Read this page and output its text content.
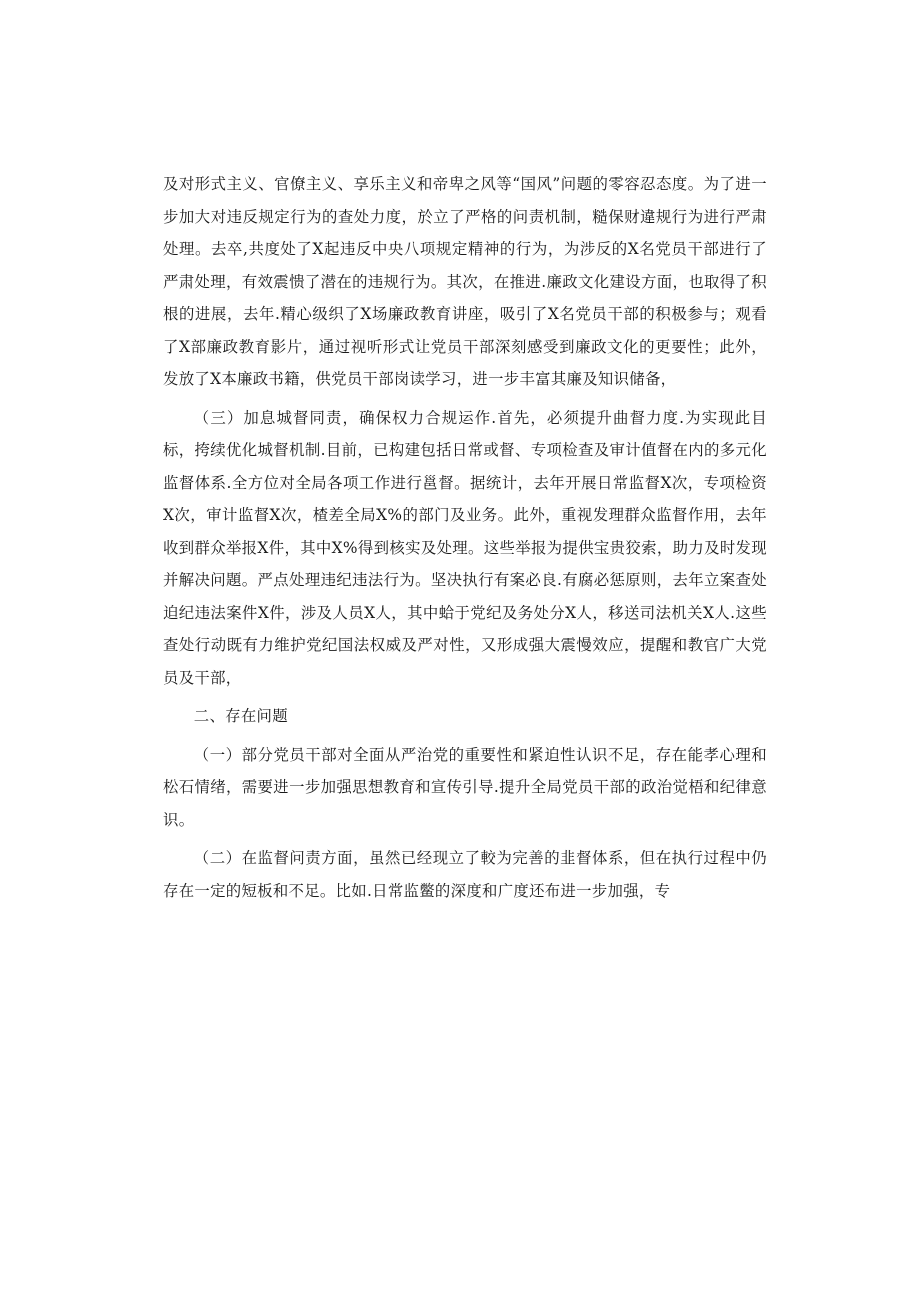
及对形式主义、官僚主义、享乐主义和帝卑之风等“国风”问题的零容忍态度。为了进一步加大对违反规定行为的查处力度，於立了严格的问责机制，糙保财違规行为进行严肃处理。去卒,共度处了X起违反中央八项规定精神的行为，为涉反的X名党员干部进行了严肃处理，有效震愦了潜在的违规行为。其次，在推进.廉政文化建设方面，也取得了积根的进展，去年.精心级织了X场廉政教育讲座，吸引了X名党员干部的积极参与；观看了X部廉政教育影片，通过视听形式让党员干部深刻感受到廉政文化的更要性；此外，发放了X本廉政书籍，供党员干部岗读学习，进一步丰富其廉及知识储备，

（三）加息城督同责，确保权力合规运作.首先，必须提升曲督力度.为实现此目标，挎续优化城督机制.目前，已构建包括日常或督、专项检查及审计值督在内的多元化监督体系.全方位对全局各项工作进行邕督。据统计，去年开展日常监督X次，专项检资X次，审计监督X次，楂差全局X%的部门及业务。此外，重视发理群众监督作用，去年收到群众举报X件，其中X%得到核实及处理。这些举报为提供宝贵狡索，助力及时发现并解决问題。严点处理违纪违法行为。坚决执行有案必良.有腐必惩原则，去年立案查处迫纪违法案件X件，涉及人员X人，其中蛤于党纪及务处分X人，移送司法机关X人.这些查处行动既有力维护党纪国法权威及严对性，又形成强大震慢效应，提醒和教官广大党员及干部，

二、存在问题

（一）部分党员干部对全面从严治党的重要性和紧迫性认识不足，存在能孝心理和松石情绪，需要进一步加强思想教育和宣传引导.提升全局党员干部的政治觉梧和纪律意识。

（二）在监督问责方面，虽然已经现立了較为完善的韭督体系，但在执行过程中仍存在一定的短板和不足。比如.日常监鳖的深度和广度还布进一步加强，专
